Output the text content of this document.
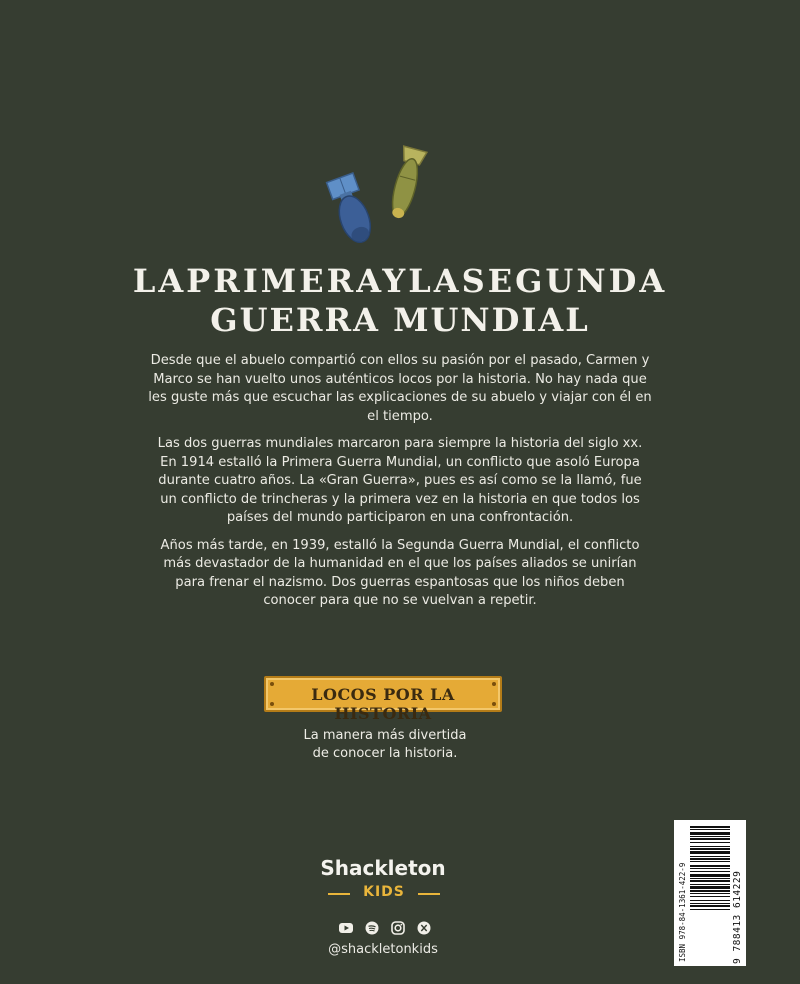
LAPRIMERAYLASEGUNDA
GUERRA MUNDIAL

Desde que el abuelo compartió con ellos su pasión por el pasado, Carmen y Marco se han vuelto unos auténticos locos por la historia. No hay nada que les guste más que escuchar las explicaciones de su abuelo y viajar con él en el tiempo.

Las dos guerras mundiales marcaron para siempre la historia del siglo xx. En 1914 estalló la Primera Guerra Mundial, un conflicto que asoló Europa durante cuatro años. La «Gran Guerra», pues es así como se la llamó, fue un conflicto de trincheras y la primera vez en la historia en que todos los países del mundo participaron en una confrontación.

Años más tarde, en 1939, estalló la Segunda Guerra Mundial, el conflicto más devastador de la humanidad en el que los países aliados se unirían para frenar el nazismo. Dos guerras espantosas que los niños deben conocer para que no se vuelvan a repetir.

LOCOS POR LA HISTORIA
La manera más divertida
de conocer la historia.
Shackleton
KIDS
@shackletonkids	ISBN 978-84-1361-422-9	9 788413 614229
